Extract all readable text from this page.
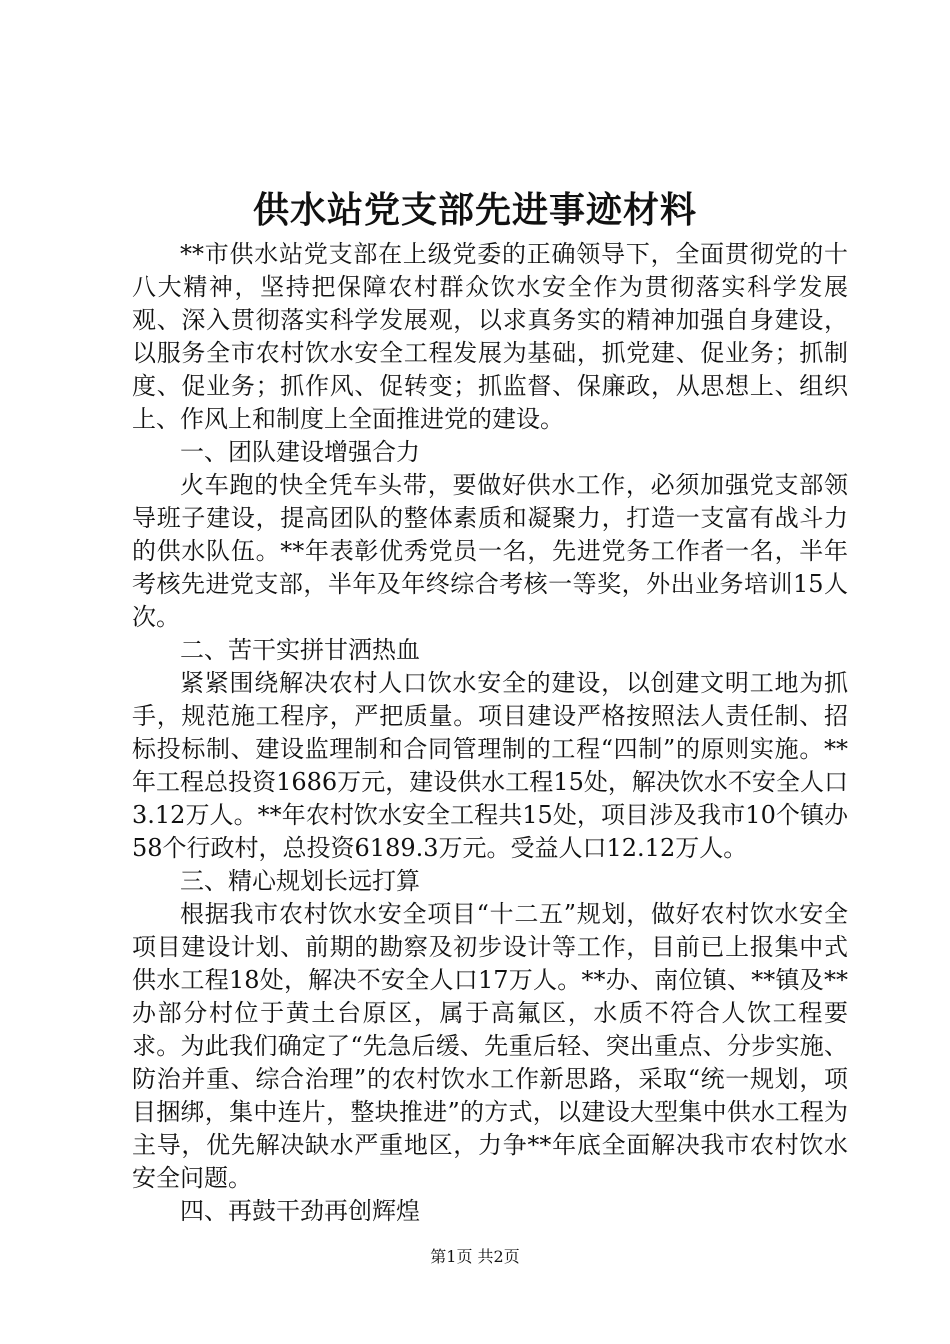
供水站党支部先进事迹材料

**市供水站党支部在上级党委的正确领导下，全面贯彻党的十八大精神，坚持把保障农村群众饮水安全作为贯彻落实科学发展观、深入贯彻落实科学发展观，以求真务实的精神加强自身建设，以服务全市农村饮水安全工程发展为基础，抓党建、促业务；抓制度、促业务；抓作风、促转变；抓监督、保廉政，从思想上、组织上、作风上和制度上全面推进党的建设。

一、团队建设增强合力

火车跑的快全凭车头带，要做好供水工作，必须加强党支部领导班子建设，提高团队的整体素质和凝聚力，打造一支富有战斗力的供水队伍。**年表彰优秀党员一名，先进党务工作者一名，半年考核先进党支部，半年及年终综合考核一等奖，外出业务培训15人次。

二、苦干实拼甘洒热血

紧紧围绕解决农村人口饮水安全的建设，以创建文明工地为抓手，规范施工程序，严把质量。项目建设严格按照法人责任制、招标投标制、建设监理制和合同管理制的工程“四制”的原则实施。**年工程总投资1686万元，建设供水工程15处，解决饮水不安全人口3.12万人。**年农村饮水安全工程共15处，项目涉及我市10个镇办58个行政村，总投资6189.3万元。受益人口12.12万人。

三、精心规划长远打算

根据我市农村饮水安全项目“十二五”规划，做好农村饮水安全项目建设计划、前期的勘察及初步设计等工作，目前已上报集中式供水工程18处，解决不安全人口17万人。**办、南位镇、**镇及**办部分村位于黄土台原区，属于高氟区，水质不符合人饮工程要求。为此我们确定了“先急后缓、先重后轻、突出重点、分步实施、防治并重、综合治理”的农村饮水工作新思路，采取“统一规划，项目捆绑，集中连片，整块推进”的方式，以建设大型集中供水工程为主导，优先解决缺水严重地区，力争**年底全面解决我市农村饮水安全问题。

四、再鼓干劲再创辉煌

第1页 共2页
